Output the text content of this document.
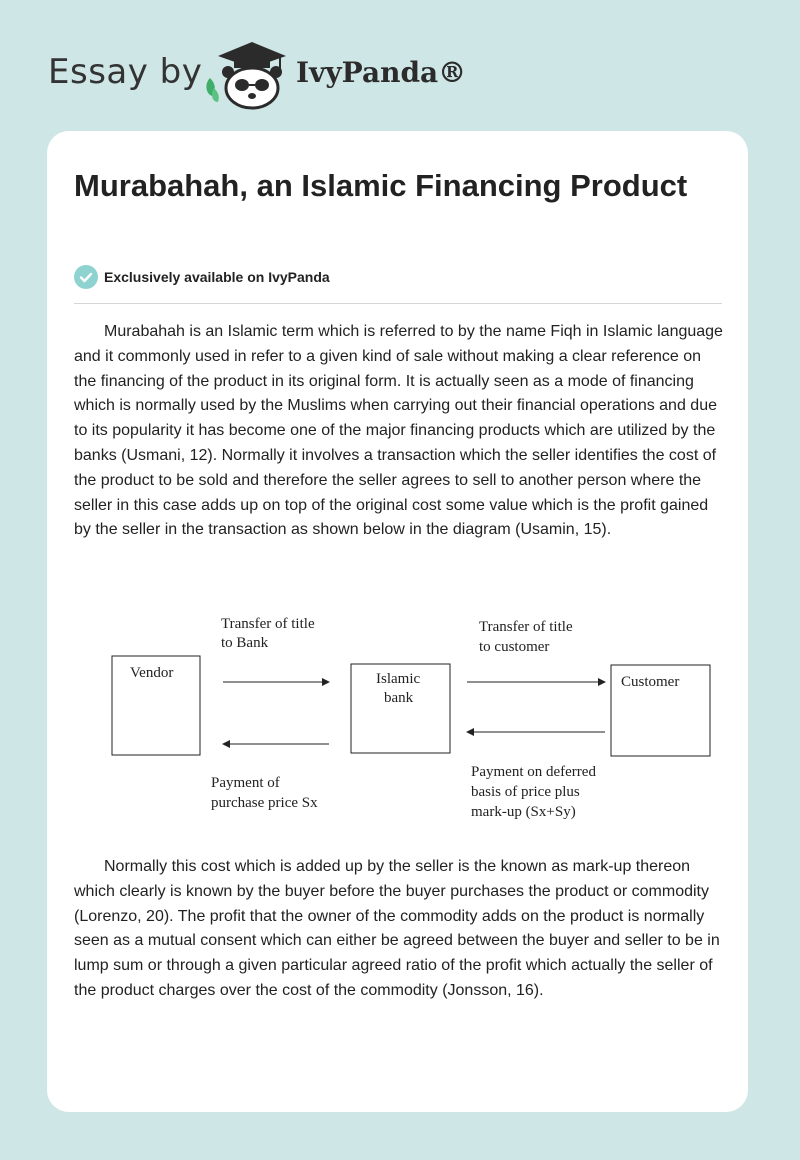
Essay by	IvyPanda®
Murabahah, an Islamic Financing Product
Exclusively available on IvyPanda

Murabahah is an Islamic term which is referred to by the name Fiqh in Islamic language and it commonly used in refer to a given kind of sale without making a clear reference on the financing of the product in its original form. It is actually seen as a mode of financing which is normally used by the Muslims when carrying out their financial operations and due to its popularity it has become one of the major financing products which are utilized by the banks (Usmani, 12). Normally it involves a transaction which the seller identifies the cost of the product to be sold and therefore the seller agrees to sell to another person where the seller in this case adds up on top of the original cost some value which is the profit gained by the seller in the transaction as shown below in the diagram (Usamin, 15).

Vendor	Islamic
bank
Customer
Transfer of title
to Bank
Transfer of title
to customer
Payment of
purchase price Sx
Payment on deferred
basis of price plus
mark-up (Sx+Sy)

Normally this cost which is added up by the seller is the known as mark-up thereon which clearly is known by the buyer before the buyer purchases the product or commodity (Lorenzo, 20). The profit that the owner of the commodity adds on the product is normally seen as a mutual consent which can either be agreed between the buyer and seller to be in lump sum or through a given particular agreed ratio of the profit which actually the seller of the product charges over the cost of the commodity (Jonsson, 16).
